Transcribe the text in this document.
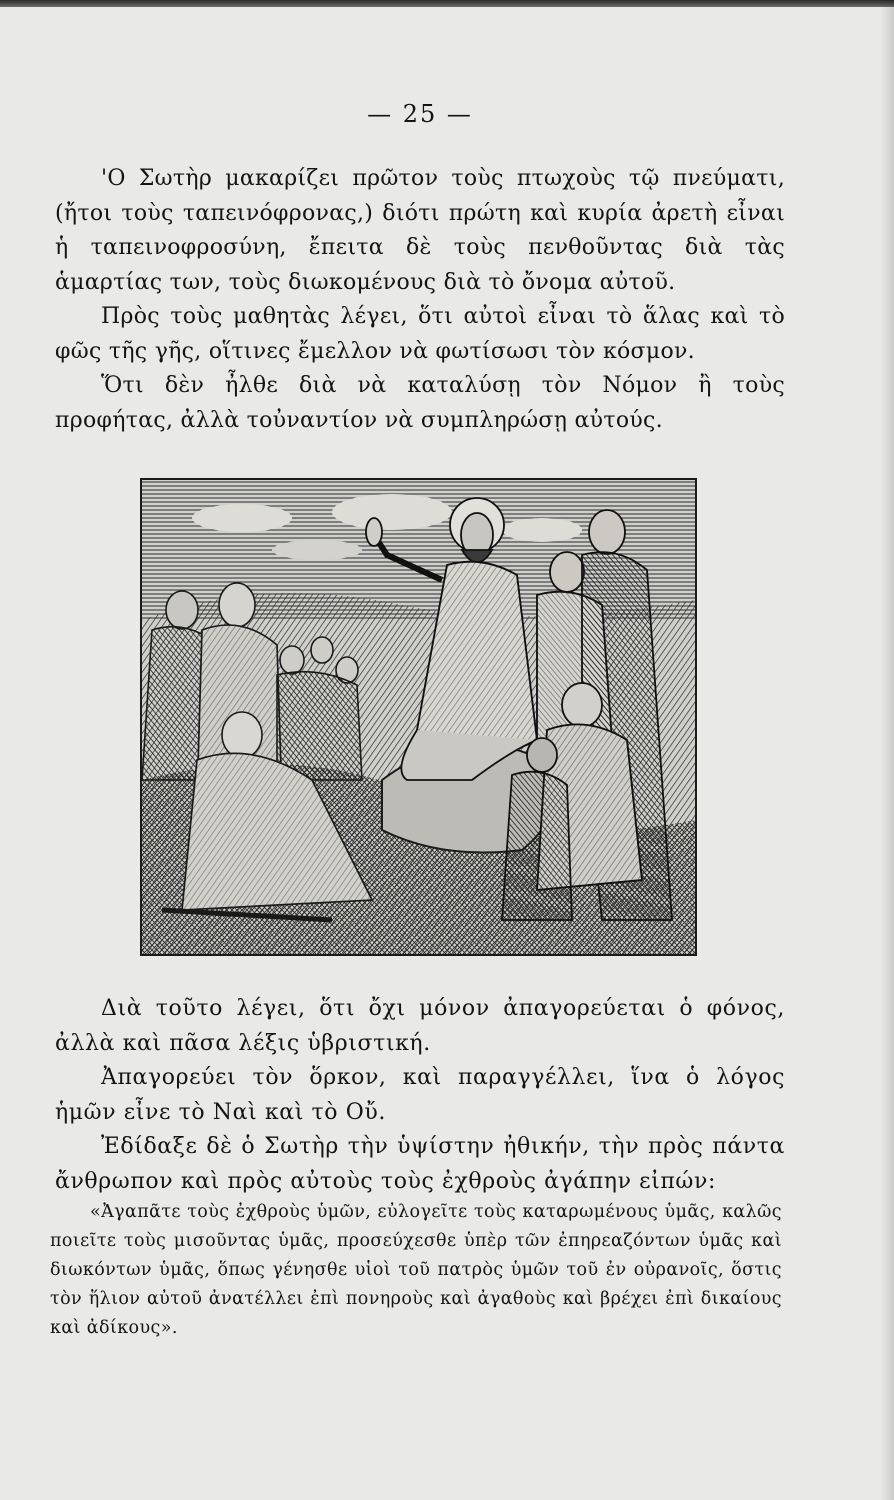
— 25 —

'Ο Σωτὴρ μακαρίζει πρῶτον τοὺς πτωχοὺς τῷ πνεύματι, (ἤτοι τοὺς ταπεινόφρονας,) διότι πρώτη καὶ κυρία ἀρετὴ εἶναι ἡ ταπεινοφροσύνη, ἔπειτα δὲ τοὺς πενθοῦντας διὰ τὰς ἁμαρτίας των, τοὺς διωκομένους διὰ τὸ ὄνομα αὐτοῦ.

Πρὸς τοὺς μαθητὰς λέγει, ὅτι αὐτοὶ εἶναι τὸ ἅλας καὶ τὸ φῶς τῆς γῆς, οἵτινες ἔμελλον νὰ φωτίσωσι τὸν κόσμον.

Ὅτι δὲν ἦλθε διὰ νὰ καταλύσῃ τὸν Νόμον ἢ τοὺς προφήτας, ἀλλὰ τοὐναντίον νὰ συμπληρώσῃ αὐτούς.

Διὰ τοῦτο λέγει, ὅτι ὄχι μόνον ἀπαγορεύεται ὁ φόνος, ἀλλὰ καὶ πᾶσα λέξις ὑβριστική.

Ἀπαγορεύει τὸν ὅρκον, καὶ παραγγέλλει, ἵνα ὁ λόγος ἡμῶν εἶνε τὸ Ναὶ καὶ τὸ Οὔ.

Ἐδίδαξε δὲ ὁ Σωτὴρ τὴν ὑψίστην ἠθικήν, τὴν πρὸς πάντα ἄνθρωπον καὶ πρὸς αὐτοὺς τοὺς ἐχθροὺς ἀγάπην εἰπών:

«Ἀγαπᾶτε τοὺς ἐχθροὺς ὑμῶν, εὐλογεῖτε τοὺς καταρωμένους ὑμᾶς, καλῶς ποιεῖτε τοὺς μισοῦντας ὑμᾶς, προσεύχεσθε ὑπὲρ τῶν ἐπηρεαζόντων ὑμᾶς καὶ διωκόντων ὑμᾶς, ὅπως γένησθε υἱοὶ τοῦ πατρὸς ὑμῶν τοῦ ἐν οὐρανοῖς, ὅστις τὸν ἥλιον αὐτοῦ ἀνατέλλει ἐπὶ πονηροὺς καὶ ἀγαθοὺς καὶ βρέχει ἐπὶ δικαίους καὶ ἀδίκους».
